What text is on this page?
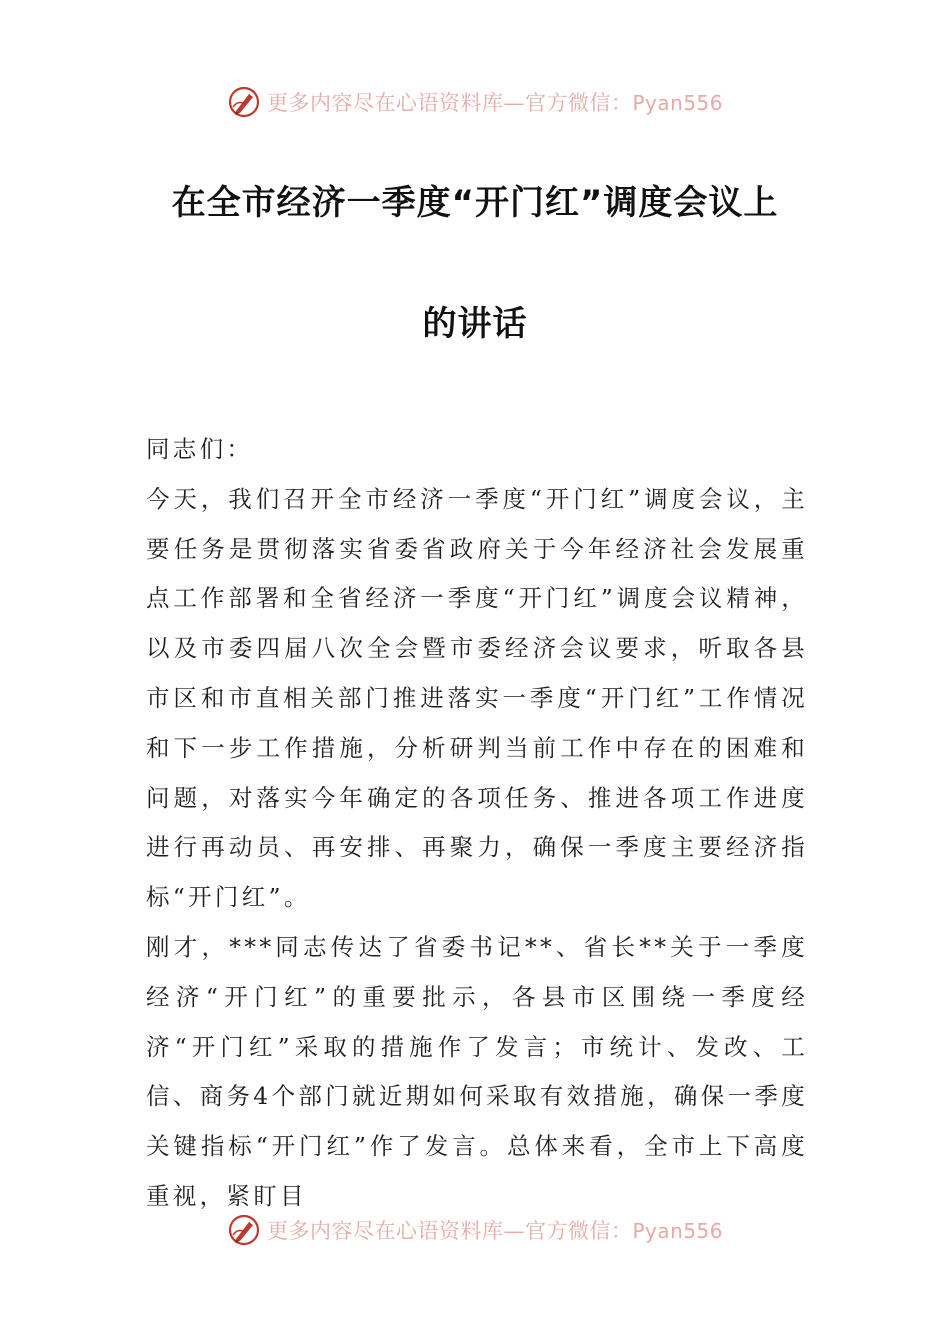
更多内容尽在心语资料库—官方微信：Pyan556
在全市经济一季度“开门红”调度会议上
的讲话

同志们：

今天，我们召开全市经济一季度“开门红”调度会议，主要任务是贯彻落实省委省政府关于今年经济社会发展重点工作部署和全省经济一季度“开门红”调度会议精神，以及市委四届八次全会暨市委经济会议要求，听取各县市区和市直相关部门推进落实一季度“开门红”工作情况和下一步工作措施，分析研判当前工作中存在的困难和问题，对落实今年确定的各项任务、推进各项工作进度进行再动员、再安排、再聚力，确保一季度主要经济指标“开门红”。

刚才，***同志传达了省委书记**、省长**关于一季度经济“开门红”的重要批示，各县市区围绕一季度经济“开门红”采取的措施作了发言；市统计、发改、工信、商务4个部门就近期如何采取有效措施，确保一季度关键指标“开门红”作了发言。总体来看，全市上下高度重视，紧盯目

更多内容尽在心语资料库—官方微信：Pyan556
